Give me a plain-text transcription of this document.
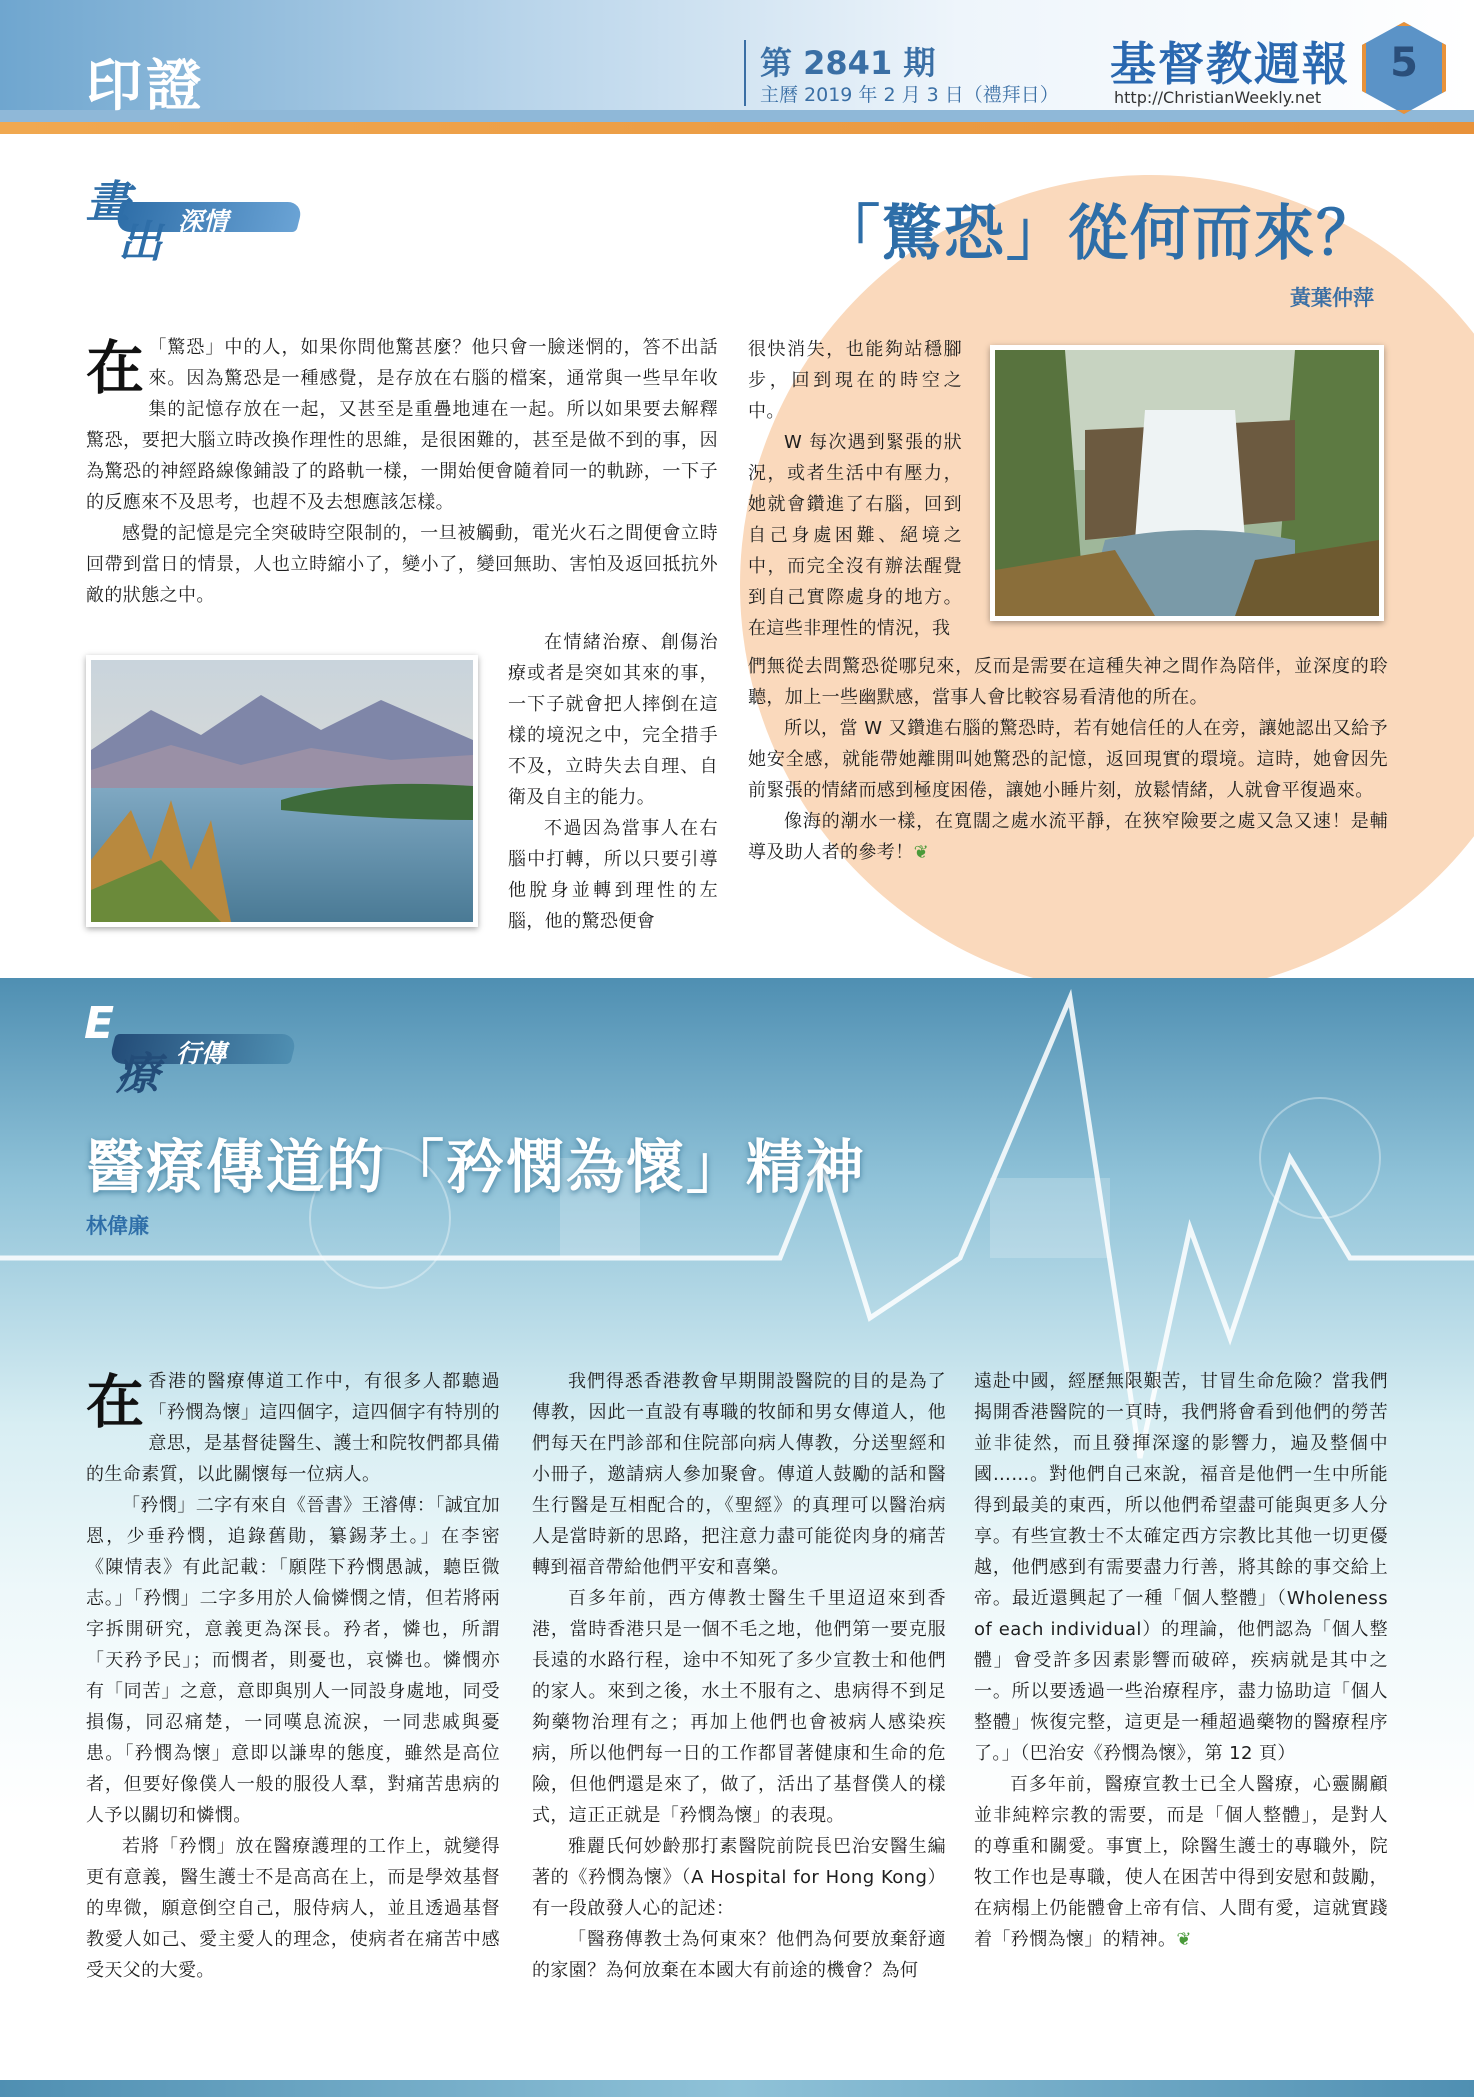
印證	第 2841 期
主曆 2019 年 2 月 3 日（禮拜日）
基督教週報
http://ChristianWeekly.net
5
畫
出 深情	「驚恐」從何而來？
黃葉仲萍
在 「驚恐」中的人，如果你問他驚甚麼？他只會一臉迷惘的，答不出話來。因為驚恐是一種感覺，是存放在右腦的檔案，通常與一些早年收集的記憶存放在一起，又甚至是重疊地連在一起。所以如果要去解釋驚恐，要把大腦立時改換作理性的思維，是很困難的，甚至是做不到的事，因為驚恐的神經路線像鋪設了的路軌一樣，一開始便會隨着同一的軌跡，一下子的反應來不及思考，也趕不及去想應該怎樣。

感覺的記憶是完全突破時空限制的，一旦被觸動，電光火石之間便會立時回帶到當日的情景，人也立時縮小了，變小了，變回無助、害怕及返回抵抗外敵的狀態之中。

在情緒治療、創傷治療或者是突如其來的事，一下子就會把人摔倒在這樣的境況之中，完全措手不及，立時失去自理、自衛及自主的能力。

不過因為當事人在右腦中打轉，所以只要引導他脫身並轉到理性的左腦，他的驚恐便會

很快消失，也能夠站穩腳步，回到現在的時空之中。

W 每次遇到緊張的狀況，或者生活中有壓力，她就會鑽進了右腦，回到自己身處困難、絕境之中，而完全沒有辦法醒覺到自己實際處身的地方。在這些非理性的情況，我

們無從去問驚恐從哪兒來，反而是需要在這種失神之間作為陪伴，並深度的聆聽，加上一些幽默感，當事人會比較容易看清他的所在。

所以，當 W 又鑽進右腦的驚恐時，若有她信任的人在旁，讓她認出又給予她安全感，就能帶她離開叫她驚恐的記憶，返回現實的環境。這時，她會因先前緊張的情緒而感到極度困倦，讓她小睡片刻，放鬆情緒，人就會平復過來。

像海的潮水一樣，在寬闊之處水流平靜，在狹窄險要之處又急又速！是輔導及助人者的參考！❦

E
療 行傳
醫療傳道的「矜憫為懷」精神
林偉廉
在 香港的醫療傳道工作中，有很多人都聽過「矜憫為懷」這四個字，這四個字有特別的意思，是基督徒醫生、護士和院牧們都具備的生命素質，以此關懷每一位病人。

「矜憫」二字有來自《晉書》王濬傳：「誠宜加恩，少垂矜憫，追錄舊勛，纂錫茅土。」在李密《陳情表》有此記載：「願陛下矜憫愚誠，聽臣微志。」「矜憫」二字多用於人倫憐憫之情，但若將兩字拆開研究，意義更為深長。矜者，憐也，所謂「天矜予民」；而憫者，則憂也，哀憐也。憐憫亦有「同苦」之意，意即與別人一同設身處地，同受損傷，同忍痛楚，一同嘆息流淚，一同悲戚與憂患。「矜憫為懷」意即以謙卑的態度，雖然是高位者，但要好像僕人一般的服役人羣，對痛苦患病的人予以關切和憐憫。

若將「矜憫」放在醫療護理的工作上，就變得更有意義，醫生護士不是高高在上，而是學效基督的卑微，願意倒空自己，服侍病人，並且透過基督教愛人如己、愛主愛人的理念，使病者在痛苦中感受天父的大愛。

我們得悉香港教會早期開設醫院的目的是為了傳教，因此一直設有專職的牧師和男女傳道人，他們每天在門診部和住院部向病人傳教，分送聖經和小冊子，邀請病人參加聚會。傳道人鼓勵的話和醫生行醫是互相配合的，《聖經》的真理可以醫治病人是當時新的思路，把注意力盡可能從肉身的痛苦轉到福音帶給他們平安和喜樂。

百多年前，西方傳教士醫生千里迢迢來到香港，當時香港只是一個不毛之地，他們第一要克服長遠的水路行程，途中不知死了多少宣教士和他們的家人。來到之後，水土不服有之、患病得不到足夠藥物治理有之；再加上他們也會被病人感染疾病，所以他們每一日的工作都冒著健康和生命的危險，但他們還是來了，做了，活出了基督僕人的樣式，這正正就是「矜憫為懷」的表現。

雅麗氏何妙齡那打素醫院前院長巴治安醫生編著的《矜憫為懷》（A Hospital for Hong Kong）有一段啟發人心的記述：

「醫務傳教士為何東來？他們為何要放棄舒適的家園？為何放棄在本國大有前途的機會？為何

遠赴中國，經歷無限艱苦，甘冒生命危險？當我們揭開香港醫院的一頁時，我們將會看到他們的勞苦並非徒然，而且發揮深邃的影響力，遍及整個中國……。對他們自己來說，福音是他們一生中所能得到最美的東西，所以他們希望盡可能與更多人分享。有些宣教士不太確定西方宗教比其他一切更優越，他們感到有需要盡力行善，將其餘的事交給上帝。最近還興起了一種「個人整體」（Wholeness of each individual）的理論，他們認為「個人整體」會受許多因素影響而破碎，疾病就是其中之一。所以要透過一些治療程序，盡力協助這「個人整體」恢復完整，這更是一種超過藥物的醫療程序了。」（巴治安《矜憫為懷》，第 12 頁）

百多年前，醫療宣教士已全人醫療，心靈關顧並非純粹宗教的需要，而是「個人整體」，是對人的尊重和關愛。事實上，除醫生護士的專職外，院牧工作也是專職，使人在困苦中得到安慰和鼓勵，在病榻上仍能體會上帝有信、人間有愛，這就實踐着「矜憫為懷」的精神。❦
